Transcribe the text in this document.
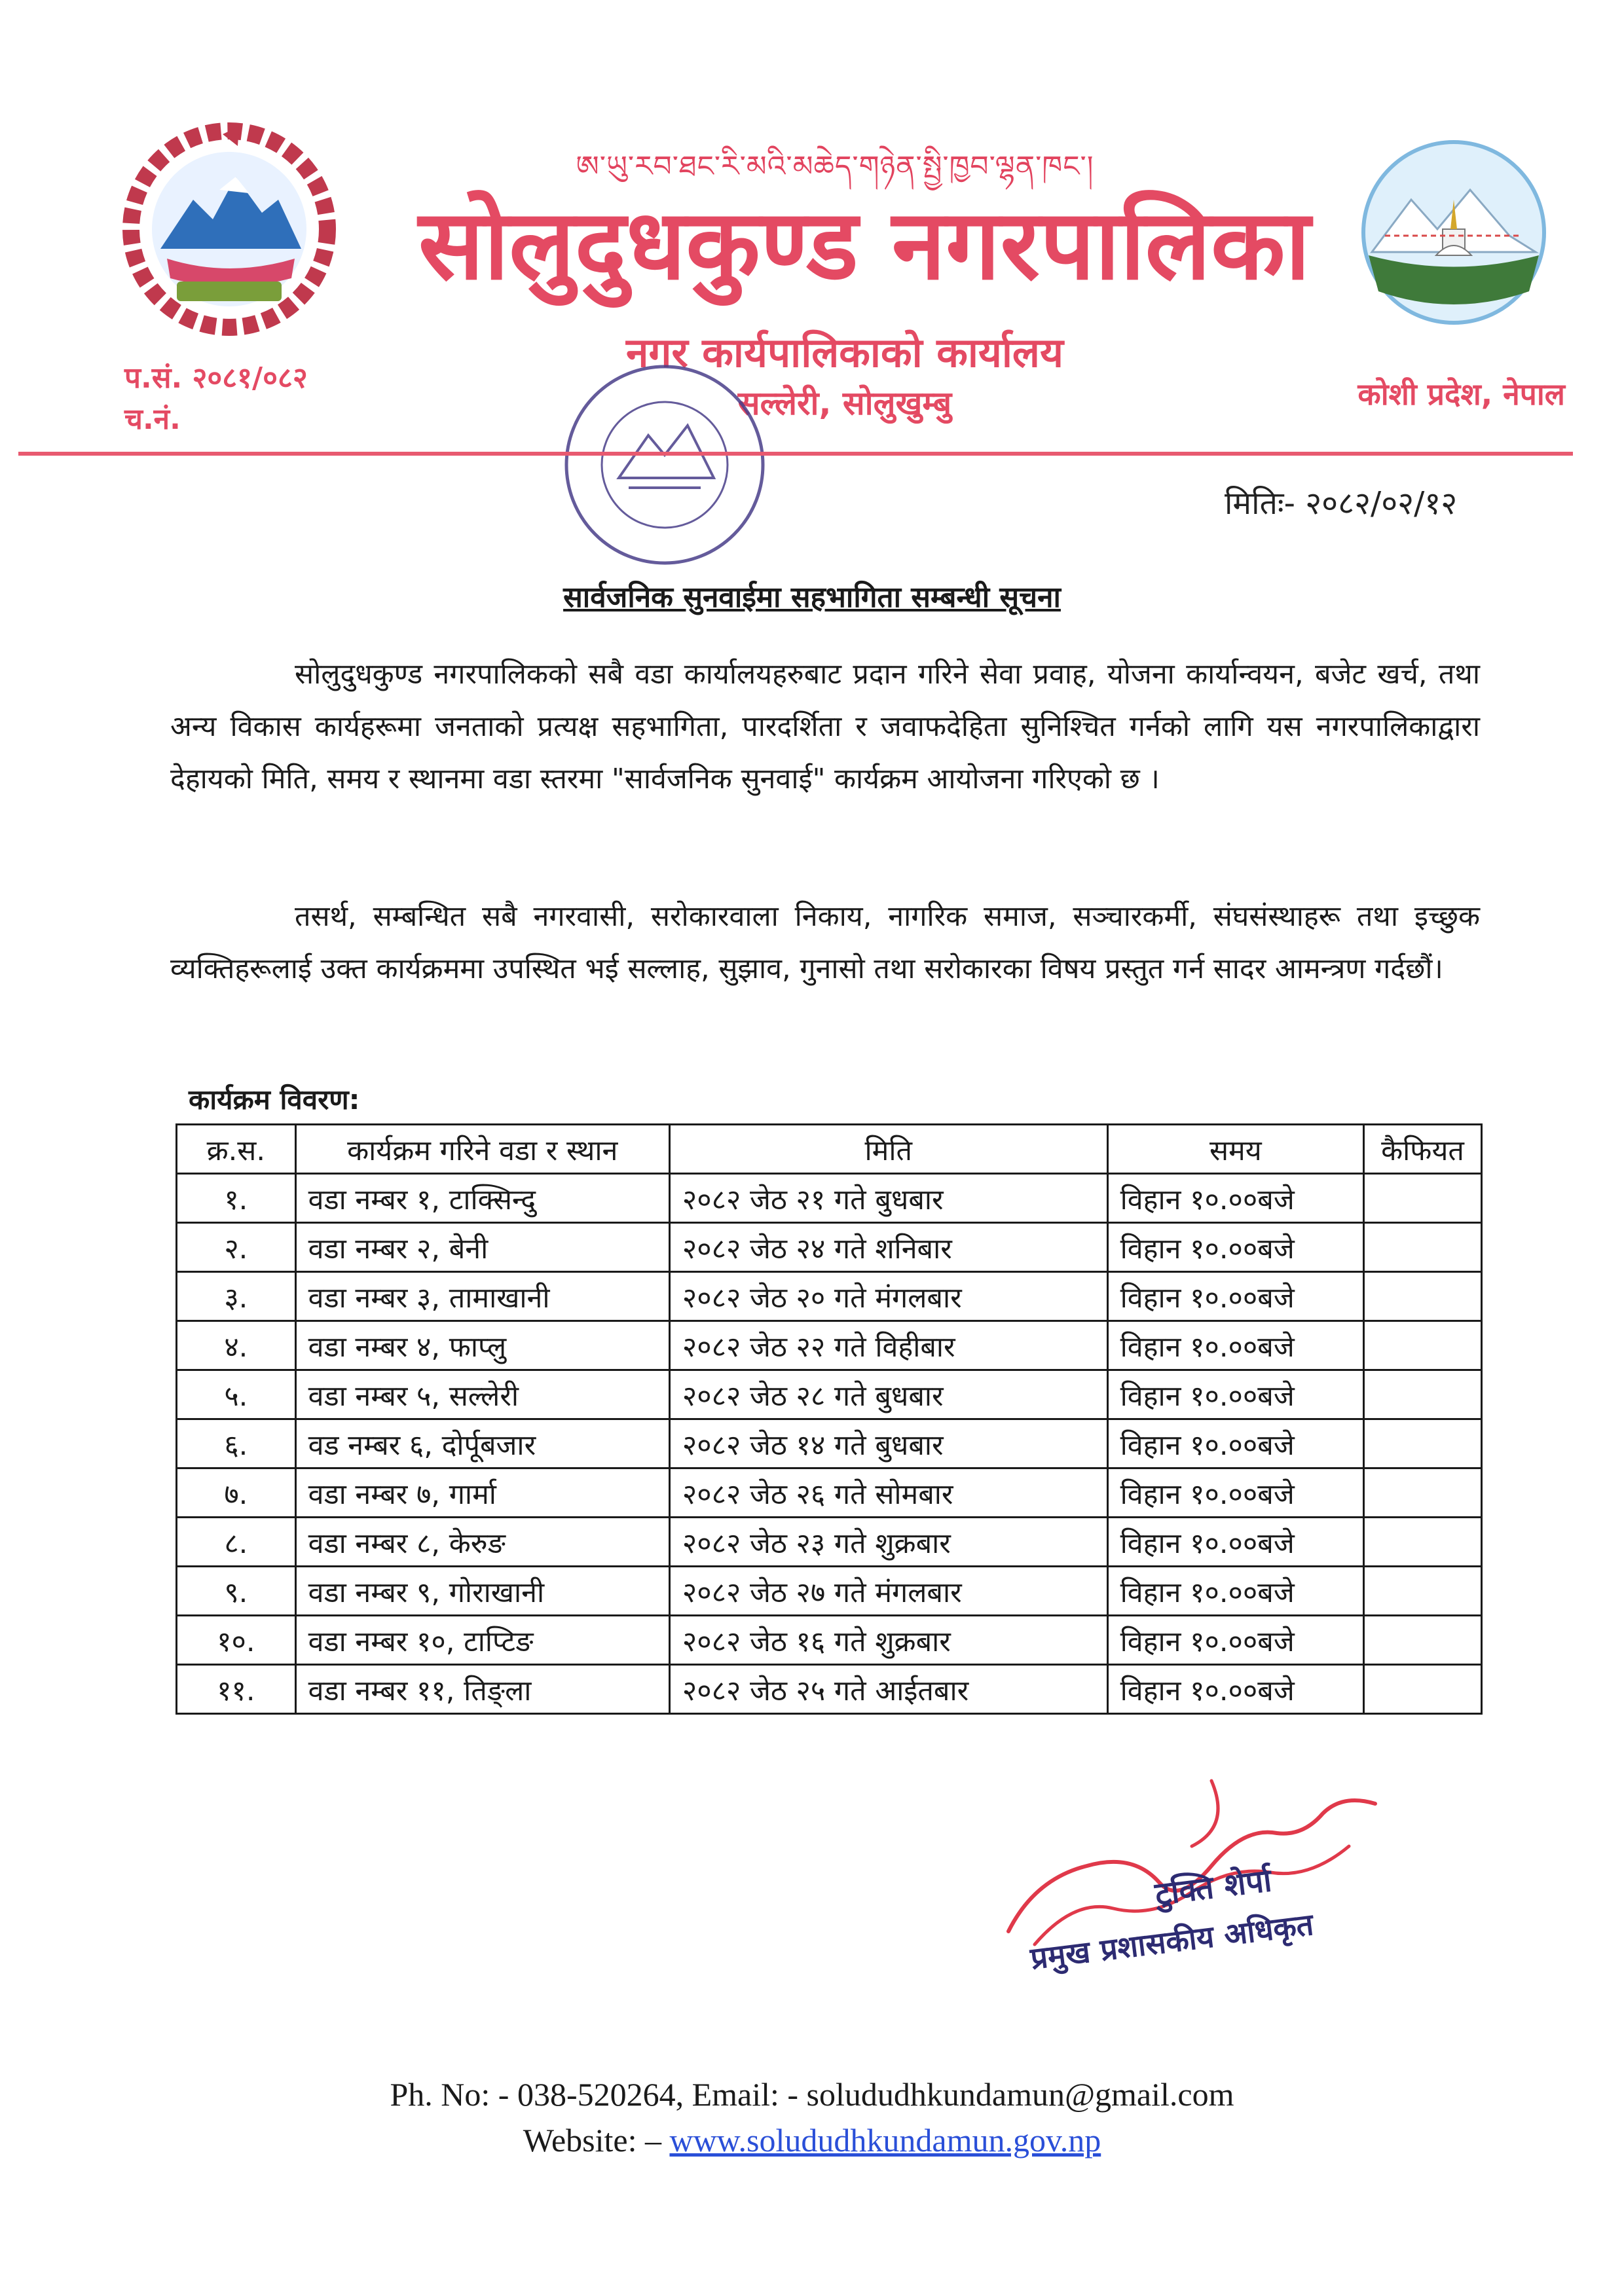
ཨ་ཡུ་རབ་ཐང་རི་མའི་མཆེད་གཉེན་སྤྱི་ཁྱབ་ལྷན་ཁང་།
सोलुदुधकुण्ड नगरपालिका
नगर कार्यपालिकाको कार्यालय
सल्लेरी, सोलुखुम्बु	कोशी प्रदेश, नेपाल
प.सं. २०८१/०८२
च.नं.
मितिः- २०८२/०२/१२
सार्वजनिक सुनवाईमा सहभागिता सम्बन्धी सूचना
सोलुदुधकुण्ड नगरपालिकको सबै वडा कार्यालयहरुबाट प्रदान गरिने सेवा प्रवाह, योजना कार्यान्वयन, बजेट खर्च, तथा अन्य विकास कार्यहरूमा जनताको प्रत्यक्ष सहभागिता, पारदर्शिता र जवाफदेहिता सुनिश्चित गर्नको लागि यस नगरपालिकाद्वारा देहायको मिति, समय र स्थानमा वडा स्तरमा "सार्वजनिक सुनवाई" कार्यक्रम आयोजना गरिएको छ ।
तसर्थ, सम्बन्धित सबै नगरवासी, सरोकारवाला निकाय, नागरिक समाज, सञ्चारकर्मी, संघसंस्थाहरू तथा इच्छुक व्यक्तिहरूलाई उक्त कार्यक्रममा उपस्थित भई सल्लाह, सुझाव, गुनासो तथा सरोकारका विषय प्रस्तुत गर्न सादर आमन्त्रण गर्दछौं।
कार्यक्रम विवरण:
क्र.स.	कार्यक्रम गरिने वडा र स्थान	मिति	समय	कैफियत
१.	वडा नम्बर १, टाक्सिन्दु	२०८२ जेठ २१ गते बुधबार	विहान १०.००बजे	
२.	वडा नम्बर २, बेनी	२०८२ जेठ २४ गते शनिबार	विहान १०.००बजे	
३.	वडा नम्बर ३, तामाखानी	२०८२ जेठ २० गते मंगलबार	विहान १०.००बजे	
४.	वडा नम्बर ४, फाप्लु	२०८२ जेठ २२ गते विहीबार	विहान १०.००बजे	
५.	वडा नम्बर ५, सल्लेरी	२०८२ जेठ २८ गते बुधबार	विहान १०.००बजे	
६.	वड नम्बर ६, दोर्पूबजार	२०८२ जेठ १४ गते बुधबार	विहान १०.००बजे	
७.	वडा नम्बर ७, गार्मा	२०८२ जेठ २६ गते सोमबार	विहान १०.००बजे	
८.	वडा नम्बर ८, केरुङ	२०८२ जेठ २३ गते शुक्रबार	विहान १०.००बजे	
९.	वडा नम्बर ९, गोराखानी	२०८२ जेठ २७ गते मंगलबार	विहान १०.००बजे	
१०.	वडा नम्बर १०, टाप्टिङ	२०८२ जेठ १६ गते शुक्रबार	विहान १०.००बजे	
११.	वडा नम्बर ११, तिङ्ला	२०८२ जेठ २५ गते आईतबार	विहान १०.००बजे	
टुक्ति शेर्पा
प्रमुख प्रशासकीय अधिकृत
Ph. No: - 038-520264, Email: - solududhkundamun@gmail.com
Website: – www.solududhkundamun.gov.np
